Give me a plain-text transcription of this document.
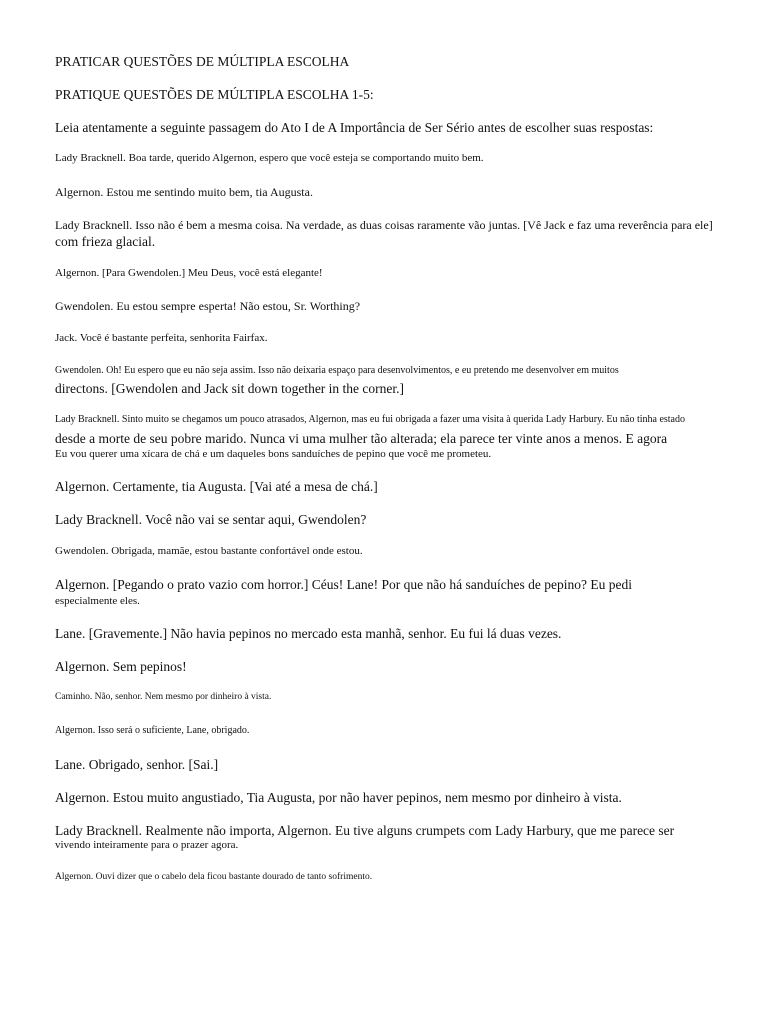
PRATICAR QUESTÕES DE MÚLTIPLA ESCOLHA
PRATIQUE QUESTÕES DE MÚLTIPLA ESCOLHA 1-5:
Leia atentamente a seguinte passagem do Ato I de A Importância de Ser Sério antes de escolher suas respostas:
Lady Bracknell. Boa tarde, querido Algernon, espero que você esteja se comportando muito bem.
Algernon. Estou me sentindo muito bem, tia Augusta.
Lady Bracknell. Isso não é bem a mesma coisa. Na verdade, as duas coisas raramente vão juntas. [Vê Jack e faz uma reverência para ele]
com frieza glacial.
Algernon. [Para Gwendolen.] Meu Deus, você está elegante!
Gwendolen. Eu estou sempre esperta! Não estou, Sr. Worthing?
Jack. Você é bastante perfeita, senhorita Fairfax.
Gwendolen. Oh! Eu espero que eu não seja assim. Isso não deixaria espaço para desenvolvimentos, e eu pretendo me desenvolver em muitos
directons. [Gwendolen and Jack sit down together in the corner.]
Lady Bracknell. Sinto muito se chegamos um pouco atrasados, Algernon, mas eu fui obrigada a fazer uma visita à querida Lady Harbury. Eu não tinha estado
desde a morte de seu pobre marido. Nunca vi uma mulher tão alterada; ela parece ter vinte anos a menos. E agora
Eu vou querer uma xícara de chá e um daqueles bons sanduíches de pepino que você me prometeu.
Algernon. Certamente, tia Augusta. [Vai até a mesa de chá.]
Lady Bracknell. Você não vai se sentar aqui, Gwendolen?
Gwendolen. Obrigada, mamãe, estou bastante confortável onde estou.
Algernon. [Pegando o prato vazio com horror.] Céus! Lane! Por que não há sanduíches de pepino? Eu pedi
especialmente eles.
Lane. [Gravemente.] Não havia pepinos no mercado esta manhã, senhor. Eu fui lá duas vezes.
Algernon. Sem pepinos!
Caminho. Não, senhor. Nem mesmo por dinheiro à vista.
Algernon. Isso será o suficiente, Lane, obrigado.
Lane. Obrigado, senhor. [Sai.]
Algernon. Estou muito angustiado, Tia Augusta, por não haver pepinos, nem mesmo por dinheiro à vista.
Lady Bracknell. Realmente não importa, Algernon. Eu tive alguns crumpets com Lady Harbury, que me parece ser
vivendo inteiramente para o prazer agora.
Algernon. Ouvi dizer que o cabelo dela ficou bastante dourado de tanto sofrimento.
